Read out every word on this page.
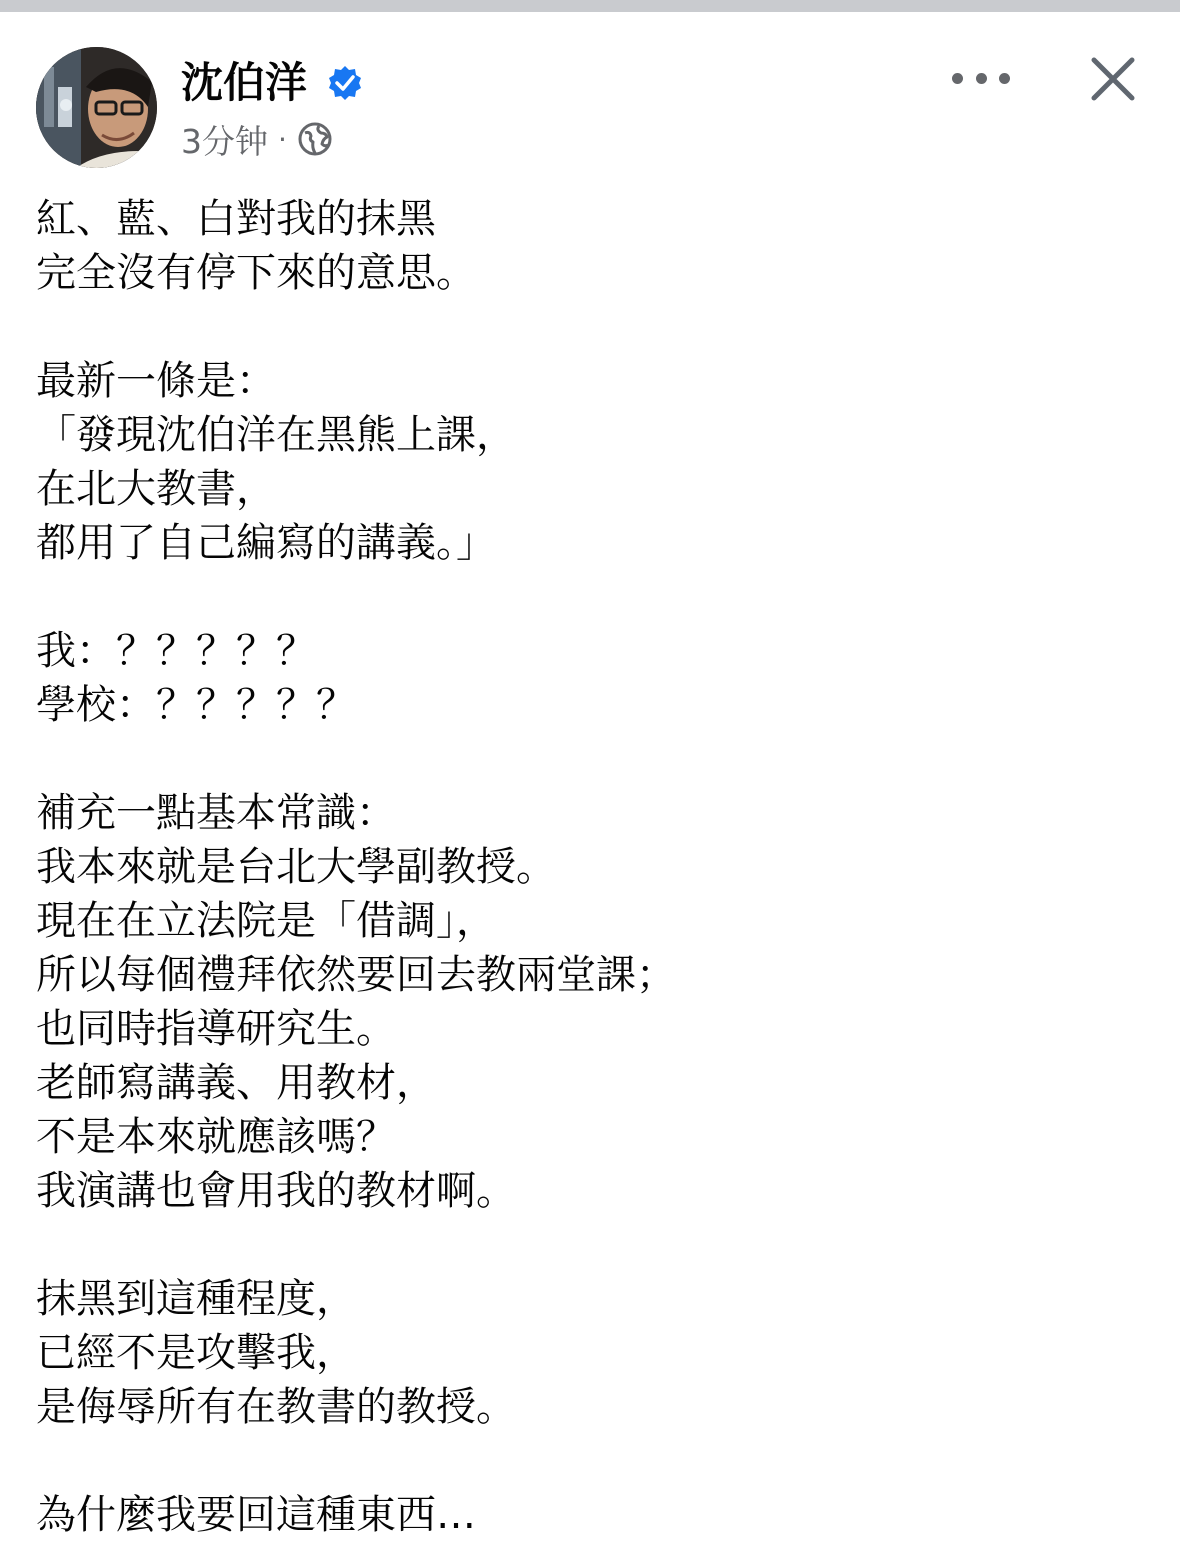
沈伯洋
3分钟 ·
紅、藍、白對我的抹黑
完全沒有停下來的意思。
最新一條是：
「發現沈伯洋在黑熊上課，
在北大教書，
都用了自己編寫的講義。」
我：？？？？？
學校：？？？？？
補充一點基本常識：
我本來就是台北大學副教授。
現在在立法院是「借調」，
所以每個禮拜依然要回去教兩堂課；
也同時指導研究生。
老師寫講義、用教材，
不是本來就應該嗎？
我演講也會用我的教材啊。
抹黑到這種程度，
已經不是攻擊我，
是侮辱所有在教書的教授。
為什麼我要回這種東西…
